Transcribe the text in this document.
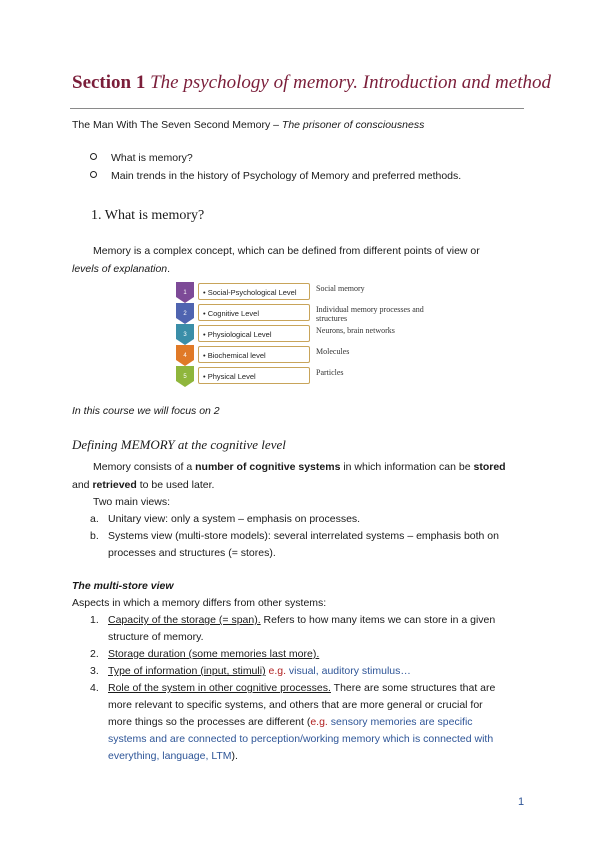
Section 1 The psychology of memory. Introduction and method
The Man With The Seven Second Memory – The prisoner of consciousness
What is memory?
Main trends in the history of Psychology of Memory and preferred methods.
1. What is memory?
Memory is a complex concept, which can be defined from different points of view or
levels of explanation.
1	• Social-Psychological Level	Social memory
2	• Cognitive Level	Individual memory processes and structures
3	• Physiological Level	Neurons, brain networks
4	• Biochemical level	Molecules
5	• Physical Level	Particles
In this course we will focus on 2
Defining MEMORY at the cognitive level
Memory consists of a number of cognitive systems in which information can be stored
and retrieved to be used later.
Two main views:
a. Unitary view: only a system – emphasis on processes.
b. Systems view (multi-store models): several interrelated systems – emphasis both on
processes and structures (= stores).
The multi-store view
Aspects in which a memory differs from other systems:
1. Capacity of the storage (= span). Refers to how many items we can store in a given
structure of memory.
2. Storage duration (some memories last more).
3. Type of information (input, stimuli) e.g. visual, auditory stimulus…
4. Role of the system in other cognitive processes. There are some structures that are
more relevant to specific systems, and others that are more general or crucial for
more things so the processes are different (e.g. sensory memories are specific
systems and are connected to perception/working memory which is connected with
everything, language, LTM).
1
